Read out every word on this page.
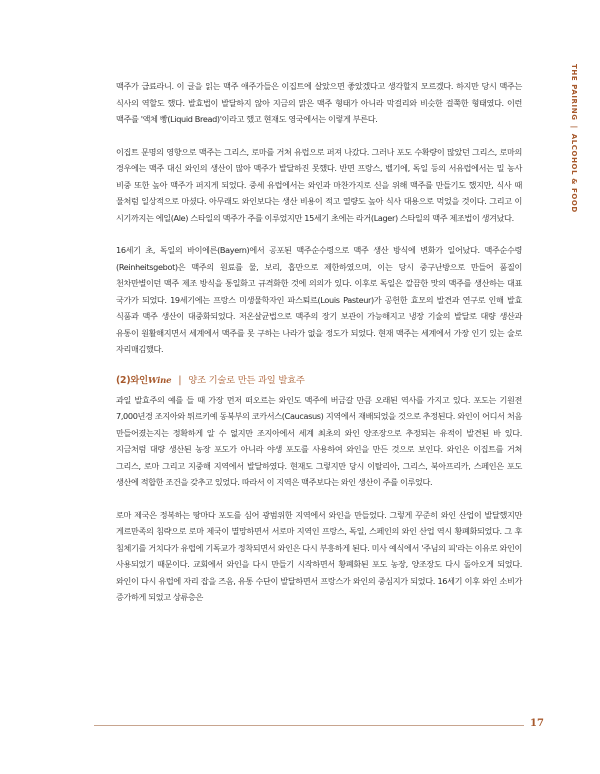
THE PAIRING|ALCOHOL & FOOD

맥주가 급료라니. 이 글을 읽는 맥주 애주가들은 이집트에 살았으면 좋았겠다고 생각할지 모르겠다. 하지만 당시 맥주는 식사의 역할도 했다. 발효법이 발달하지 않아 지금의 맑은 맥주 형태가 아니라 막걸리와 비슷한 걸쭉한 형태였다. 이런 맥주를 '액체 빵(Liquid Bread)'이라고 했고 현재도 영국에서는 이렇게 부른다.

이집트 문명의 영향으로 맥주는 그리스, 로마를 거쳐 유럽으로 퍼져 나갔다. 그러나 포도 수확량이 많았던 그리스, 로마의 경우에는 맥주 대신 와인의 생산이 많아 맥주가 발달하진 못했다. 반면 프랑스, 벨기에, 독일 등의 서유럽에서는 밀 농사 비중 또한 높아 맥주가 퍼지게 되었다. 중세 유럽에서는 와인과 마찬가지로 신을 위해 맥주를 만들기도 했지만, 식사 때 물처럼 일상적으로 마셨다. 아무래도 와인보다는 생산 비용이 적고 열량도 높아 식사 대용으로 먹었을 것이다. 그리고 이 시기까지는 에일(Ale) 스타일의 맥주가 주를 이루었지만 15세기 초에는 라거(Lager) 스타일의 맥주 제조법이 생겨났다.

16세기 초, 독일의 바이에른(Bayern)에서 공포된 맥주순수령으로 맥주 생산 방식에 변화가 일어났다. 맥주순수령(Reinheitsgebot)은 맥주의 원료를 물, 보리, 홉만으로 제한하였으며, 이는 당시 중구난방으로 만들어 품질이 천차만별이던 맥주 제조 방식을 통일화고 규격화한 것에 의의가 있다. 이후로 독일은 깔끔한 맛의 맥주를 생산하는 대표 국가가 되었다. 19세기에는 프랑스 미생물학자인 파스퇴르(Louis Pasteur)가 공헌한 효모의 발견과 연구로 인해 발효 식품과 맥주 생산이 대중화되었다. 저온살균법으로 맥주의 장기 보관이 가능해지고 냉장 기술의 발달로 대량 생산과 유통이 원활해지면서 세계에서 맥주를 못 구하는 나라가 없을 정도가 되었다. 현재 맥주는 세계에서 가장 인기 있는 술로 자리매김했다.

(2)와인Wine | 양조 기술로 만든 과일 발효주

과일 발효주의 예를 들 때 가장 먼저 떠오르는 와인도 맥주에 버금갈 만큼 오래된 역사를 가지고 있다. 포도는 기원전 7,000년경 조지아와 튀르키예 동북부의 코카서스(Caucasus) 지역에서 재배되었을 것으로 추정된다. 와인이 어디서 처음 만들어졌는지는 정확하게 알 수 없지만 조지아에서 세계 최초의 와인 양조장으로 추정되는 유적이 발견된 바 있다. 지금처럼 대량 생산된 농장 포도가 아니라 야생 포도를 사용하여 와인을 만든 것으로 보인다. 와인은 이집트를 거쳐 그리스, 로마 그리고 지중해 지역에서 발달하였다. 현재도 그렇지만 당시 이탈리아, 그리스, 북아프리카, 스페인은 포도 생산에 적합한 조건을 갖추고 있었다. 따라서 이 지역은 맥주보다는 와인 생산이 주를 이루었다.

로마 제국은 정복하는 땅마다 포도를 심어 광범위한 지역에서 와인을 만들었다. 그렇게 꾸준히 와인 산업이 발달했지만 게르만족의 침략으로 로마 제국이 멸망하면서 서로마 지역인 프랑스, 독일, 스페인의 와인 산업 역시 황폐화되었다. 그 후 침체기를 거치다가 유럽에 기독교가 정착되면서 와인은 다시 부흥하게 된다. 미사 예식에서 '주님의 피'라는 이유로 와인이 사용되었기 때문이다. 교회에서 와인을 다시 만들기 시작하면서 황폐화된 포도 농장, 양조장도 다시 돌아오게 되었다. 와인이 다시 유럽에 자리 잡을 즈음, 유통 수단이 발달하면서 프랑스가 와인의 중심지가 되었다. 16세기 이후 와인 소비가 증가하게 되었고 상류층은

17
